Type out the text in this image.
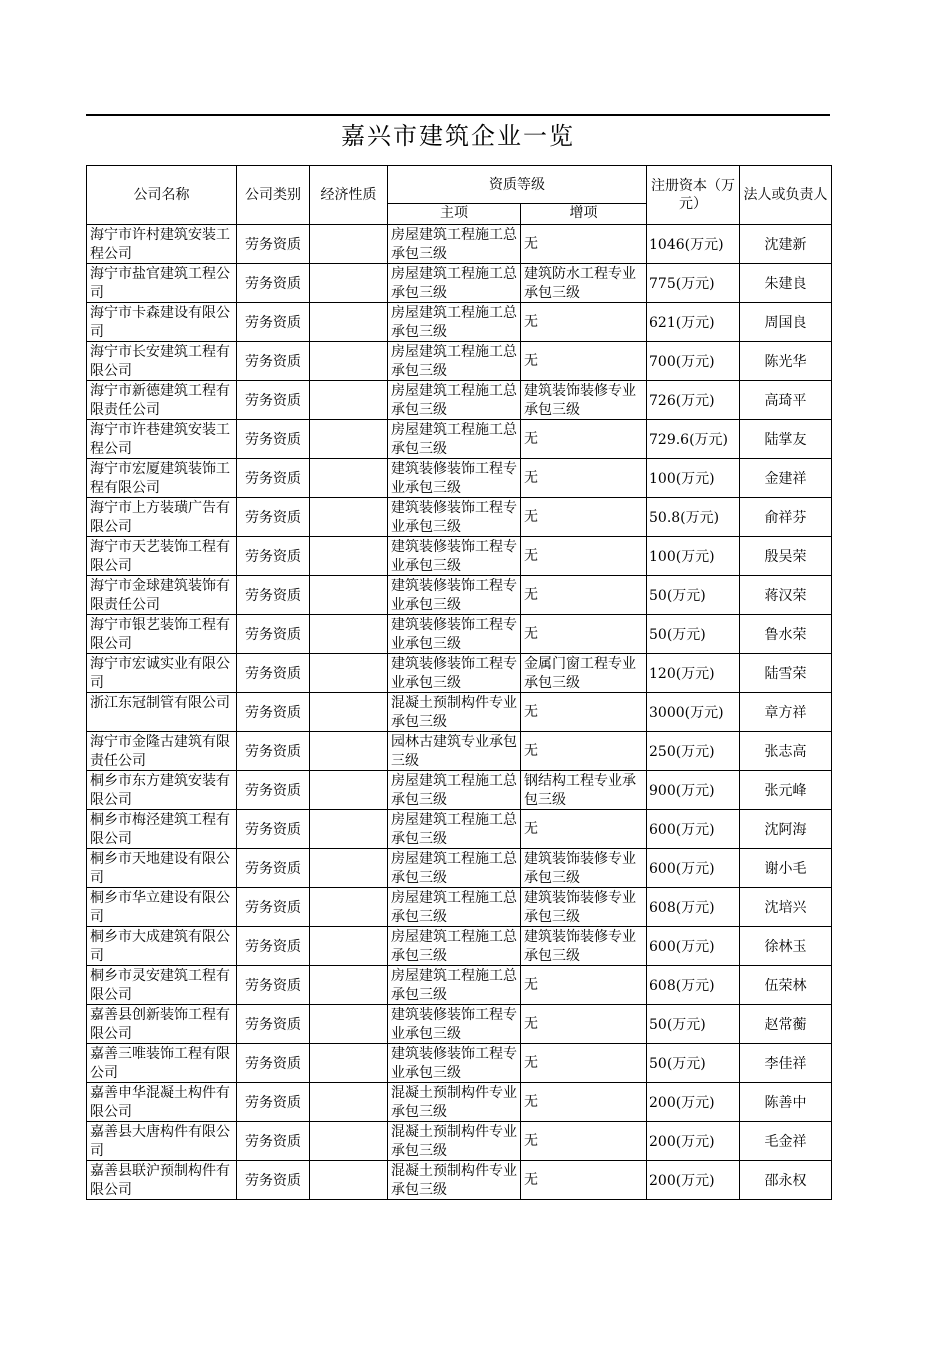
嘉兴市建筑企业一览
公司名称	公司类别	经济性质	资质等级		注册资本（万元）	法人或负责人
			主项	增项		

海宁市许村建筑安装工程公司	劳务资质		房屋建筑工程施工总承包三级	无	1046(万元)	沈建新

海宁市盐官建筑工程公司	劳务资质		房屋建筑工程施工总承包三级	建筑防水工程专业承包三级	775(万元)	朱建良

海宁市卡森建设有限公司	劳务资质		房屋建筑工程施工总承包三级	无	621(万元)	周国良

海宁市长安建筑工程有限公司	劳务资质		房屋建筑工程施工总承包三级	无	700(万元)	陈光华

海宁市新德建筑工程有限责任公司	劳务资质		房屋建筑工程施工总承包三级	建筑装饰装修专业承包三级	726(万元)	高琦平

海宁市许巷建筑安装工程公司	劳务资质		房屋建筑工程施工总承包三级	无	729.6(万元)	陆掌友

海宁市宏厦建筑装饰工程有限公司	劳务资质		建筑装修装饰工程专业承包三级	无	100(万元)	金建祥

海宁市上方装璜广告有限公司	劳务资质		建筑装修装饰工程专业承包三级	无	50.8(万元)	俞祥芬

海宁市天艺装饰工程有限公司	劳务资质		建筑装修装饰工程专业承包三级	无	100(万元)	殷吴荣

海宁市金球建筑装饰有限责任公司	劳务资质		建筑装修装饰工程专业承包三级	无	50(万元)	蒋汉荣

海宁市银艺装饰工程有限公司	劳务资质		建筑装修装饰工程专业承包三级	无	50(万元)	鲁水荣

海宁市宏诚实业有限公司	劳务资质		建筑装修装饰工程专业承包三级	金属门窗工程专业承包三级	120(万元)	陆雪荣

浙江东冠制管有限公司	劳务资质		混凝土预制构件专业承包三级	无	3000(万元)	章方祥

海宁市金隆古建筑有限责任公司	劳务资质		园林古建筑专业承包三级	无	250(万元)	张志高

桐乡市东方建筑安装有限公司	劳务资质		房屋建筑工程施工总承包三级	钢结构工程专业承包三级	900(万元)	张元峰

桐乡市梅泾建筑工程有限公司	劳务资质		房屋建筑工程施工总承包三级	无	600(万元)	沈阿海

桐乡市天地建设有限公司	劳务资质		房屋建筑工程施工总承包三级	建筑装饰装修专业承包三级	600(万元)	谢小毛

桐乡市华立建设有限公司	劳务资质		房屋建筑工程施工总承包三级	建筑装饰装修专业承包三级	608(万元)	沈培兴

桐乡市大成建筑有限公司	劳务资质		房屋建筑工程施工总承包三级	建筑装饰装修专业承包三级	600(万元)	徐林玉

桐乡市灵安建筑工程有限公司	劳务资质		房屋建筑工程施工总承包三级	无	608(万元)	伍荣林

嘉善县创新装饰工程有限公司	劳务资质		建筑装修装饰工程专业承包三级	无	50(万元)	赵常蘅

嘉善三唯装饰工程有限公司	劳务资质		建筑装修装饰工程专业承包三级	无	50(万元)	李佳祥

嘉善申华混凝土构件有限公司	劳务资质		混凝土预制构件专业承包三级	无	200(万元)	陈善中

嘉善县大唐构件有限公司	劳务资质		混凝土预制构件专业承包三级	无	200(万元)	毛金祥

嘉善县联沪预制构件有限公司	劳务资质		混凝土预制构件专业承包三级	无	200(万元)	邵永权
